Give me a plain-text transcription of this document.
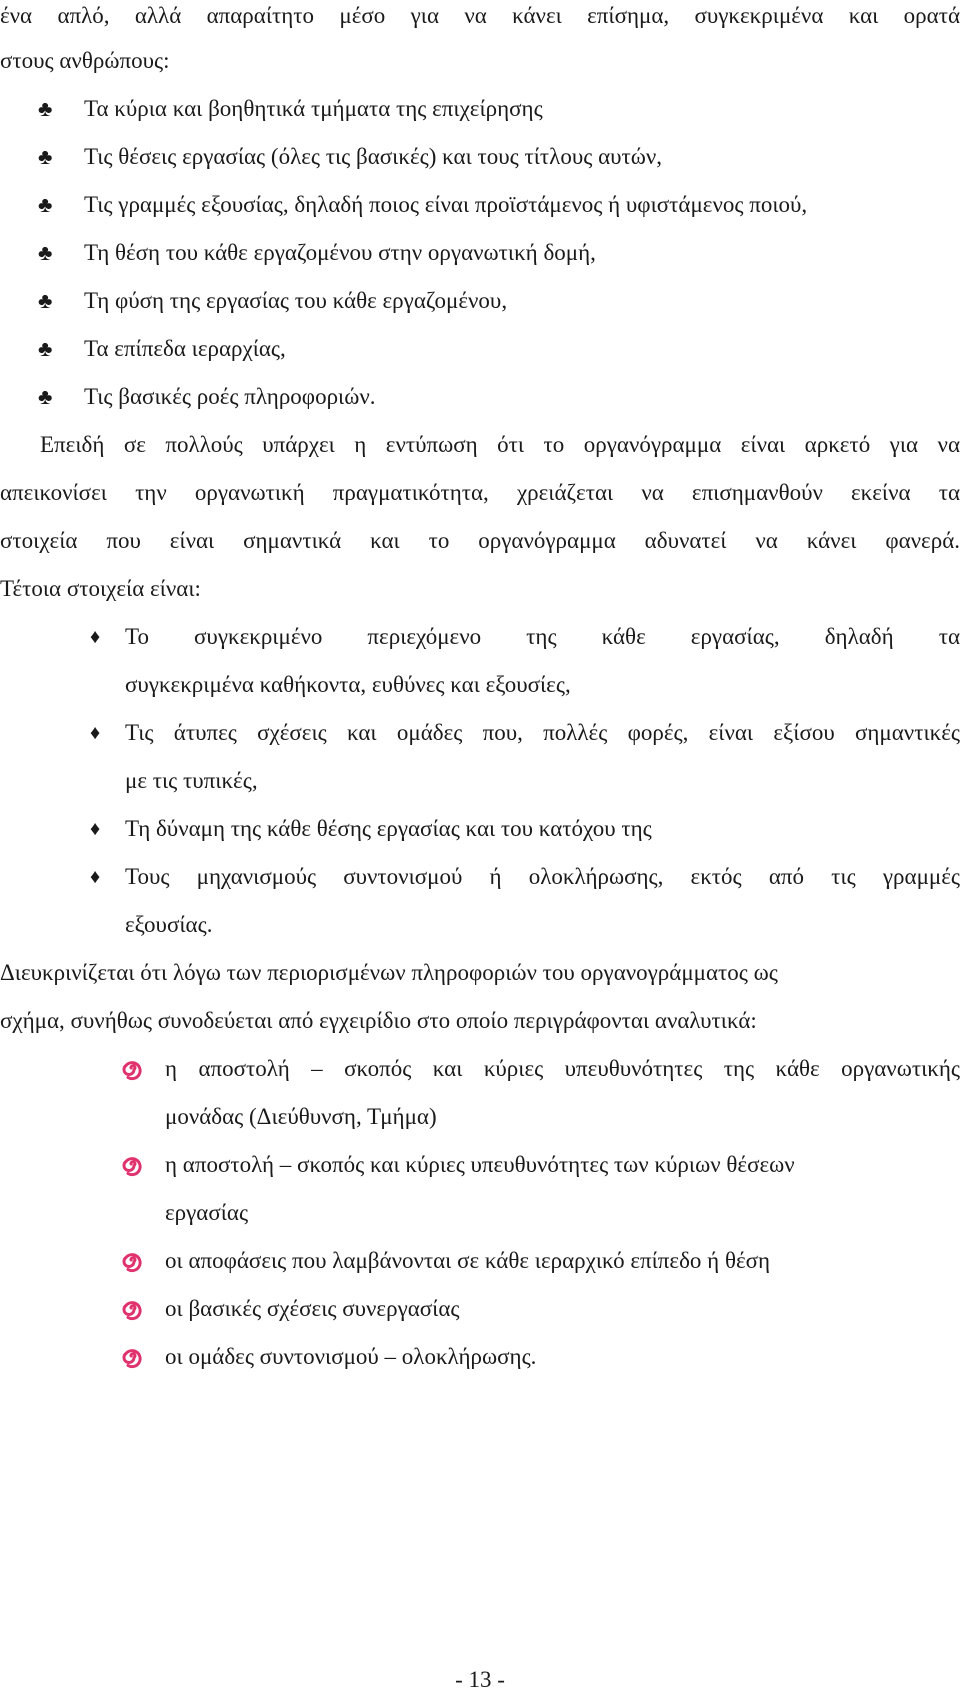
ένα απλό, αλλά απαραίτητο μέσο για να κάνει επίσημα, συγκεκριμένα και ορατά
στους ανθρώπους:
♣ Τα κύρια και βοηθητικά τμήματα της επιχείρησης
♣ Τις θέσεις εργασίας (όλες τις βασικές) και τους τίτλους αυτών,
♣ Τις γραμμές εξουσίας, δηλαδή ποιος είναι προϊστάμενος ή υφιστάμενος ποιού,
♣ Τη θέση του κάθε εργαζομένου στην οργανωτική δομή,
♣ Τη φύση της εργασίας του κάθε εργαζομένου,
♣ Τα επίπεδα ιεραρχίας,
♣ Τις βασικές ροές πληροφοριών.
Επειδή σε πολλούς υπάρχει η εντύπωση ότι το οργανόγραμμα είναι αρκετό για να
απεικονίσει την οργανωτική πραγματικότητα, χρειάζεται να επισημανθούν εκείνα τα
στοιχεία που είναι σημαντικά και το οργανόγραμμα αδυνατεί να κάνει φανερά.
Τέτοια στοιχεία είναι:
♦ Το συγκεκριμένο περιεχόμενο της κάθε εργασίας, δηλαδή τα
συγκεκριμένα καθήκοντα, ευθύνες και εξουσίες,
♦ Τις άτυπες σχέσεις και ομάδες που, πολλές φορές, είναι εξίσου σημαντικές
με τις τυπικές,
♦ Τη δύναμη της κάθε θέσης εργασίας και του κατόχου της
♦ Τους μηχανισμούς συντονισμού ή ολοκλήρωσης, εκτός από τις γραμμές
εξουσίας.
Διευκρινίζεται ότι λόγω των περιορισμένων πληροφοριών του οργανογράμματος ως
σχήμα, συνήθως συνοδεύεται από εγχειρίδιο στο οποίο περιγράφονται αναλυτικά:
η αποστολή – σκοπός και κύριες υπευθυνότητες της κάθε οργανωτικής
μονάδας (Διεύθυνση, Τμήμα)
η αποστολή – σκοπός και κύριες υπευθυνότητες των κύριων θέσεων
εργασίας
οι αποφάσεις που λαμβάνονται σε κάθε ιεραρχικό επίπεδο ή θέση
οι βασικές σχέσεις συνεργασίας
οι ομάδες συντονισμού – ολοκλήρωσης.
- 13 -
